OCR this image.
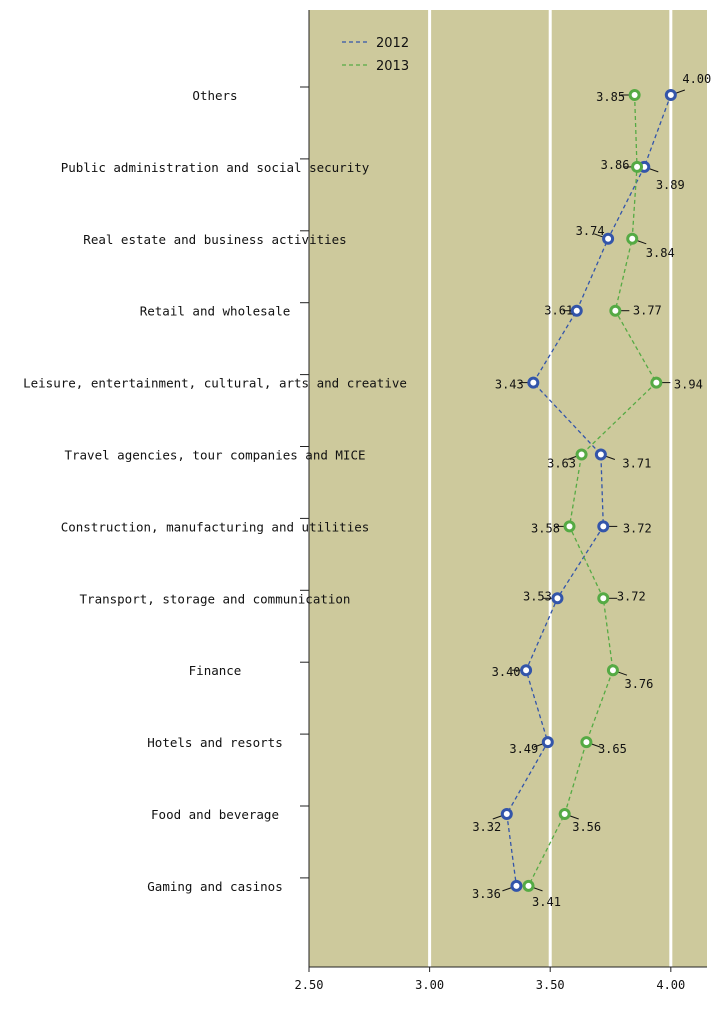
2.50	3.00	3.50	4.00
Others
Public administration and social security
Real estate and business activities
Retail and wholesale
Leisure, entertainment, cultural, arts and creative
Travel agencies, tour companies and MICE
Construction, manufacturing and utilities
Transport, storage and communication
Finance
Hotels and resorts
Food and beverage
Gaming and casinos
4.00
3.89
3.74
3.61
3.43
3.71
3.72
3.53
3.40
3.49
3.32
3.36
3.85
3.86
3.84
3.77
3.94
3.63
3.58
3.72
3.76
3.65
3.56
3.41
2012
2013
